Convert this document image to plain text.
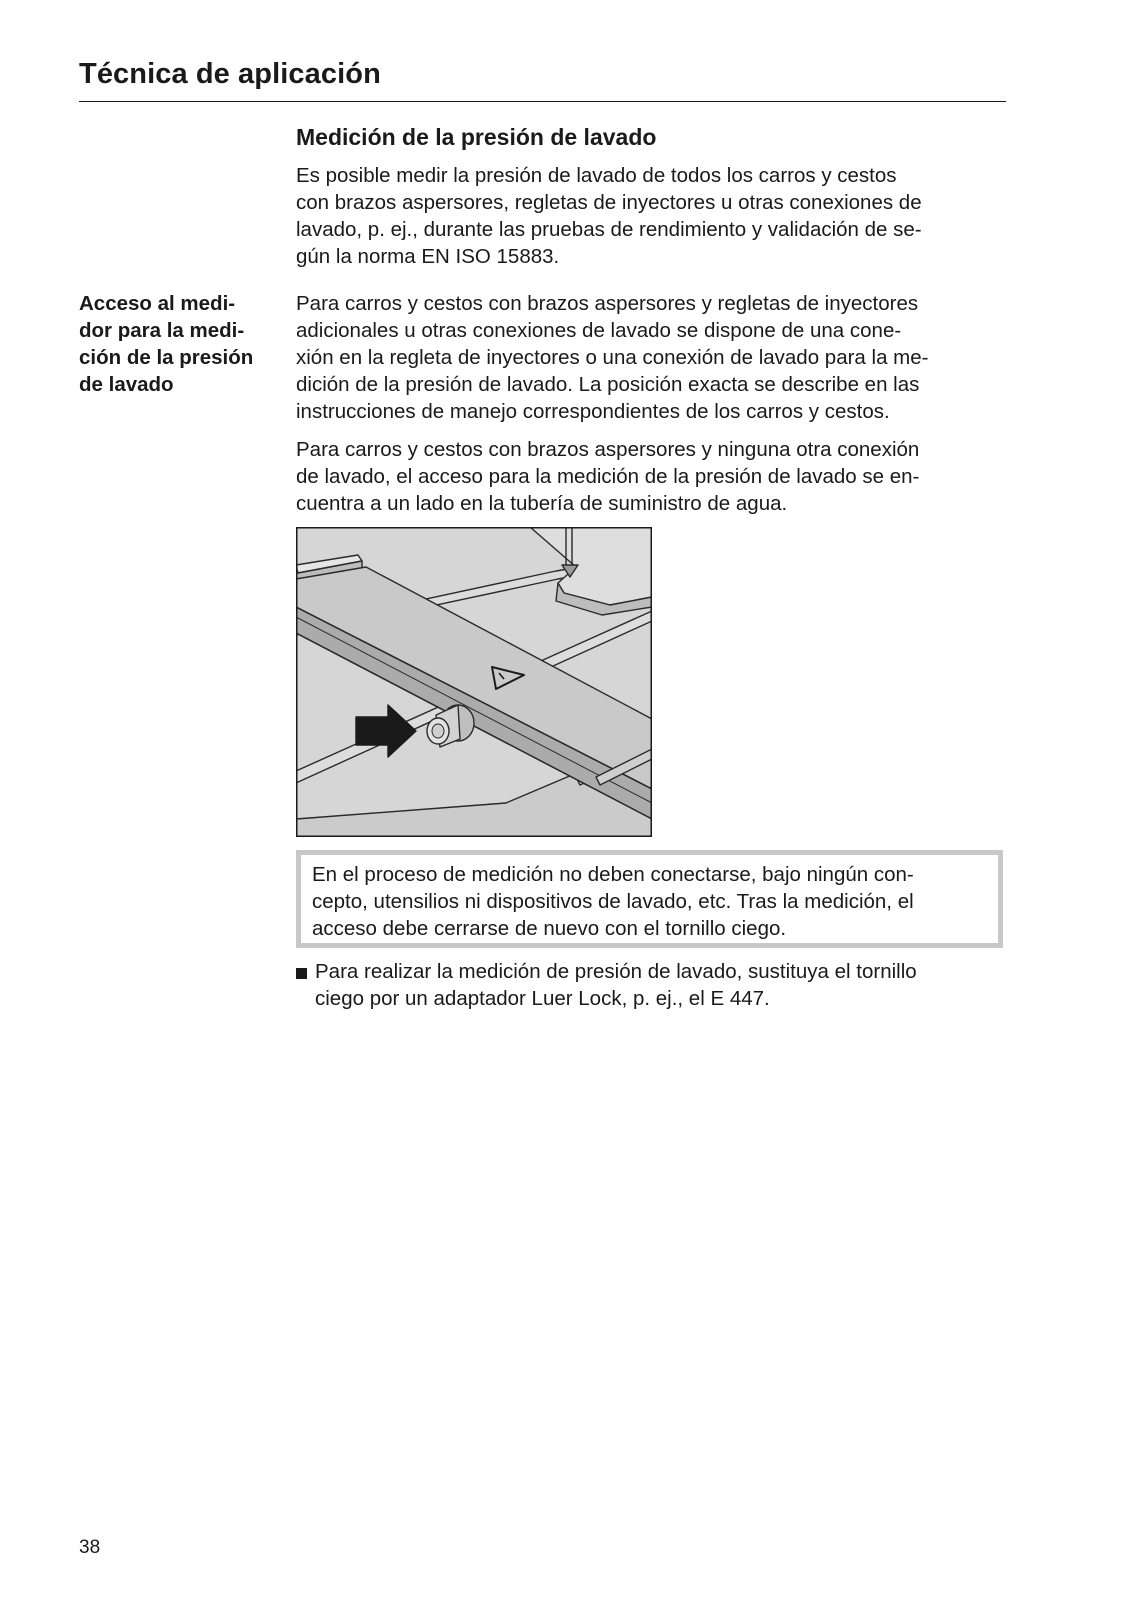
Técnica de aplicación
Medición de la presión de lavado

Es posible medir la presión de lavado de todos los carros y cestos
con brazos aspersores, regletas de inyectores u otras conexiones de
lavado, p. ej., durante las pruebas de rendimiento y validación de se-
gún la norma EN ISO 15883.

Acceso al medi-
dor para la medi-
ción de la presión
de lavado

Para carros y cestos con brazos aspersores y regletas de inyectores
adicionales u otras conexiones de lavado se dispone de una cone-
xión en la regleta de inyectores o una conexión de lavado para la me-
dición de la presión de lavado. La posición exacta se describe en las
instrucciones de manejo correspondientes de los carros y cestos.

Para carros y cestos con brazos aspersores y ninguna otra conexión
de lavado, el acceso para la medición de la presión de lavado se en-
cuentra a un lado en la tubería de suministro de agua.

En el proceso de medición no deben conectarse, bajo ningún con-
cepto, utensilios ni dispositivos de lavado, etc. Tras la medición, el
acceso debe cerrarse de nuevo con el tornillo ciego.
Para realizar la medición de presión de lavado, sustituya el tornillo
ciego por un adaptador Luer Lock, p. ej., el E 447.
38
